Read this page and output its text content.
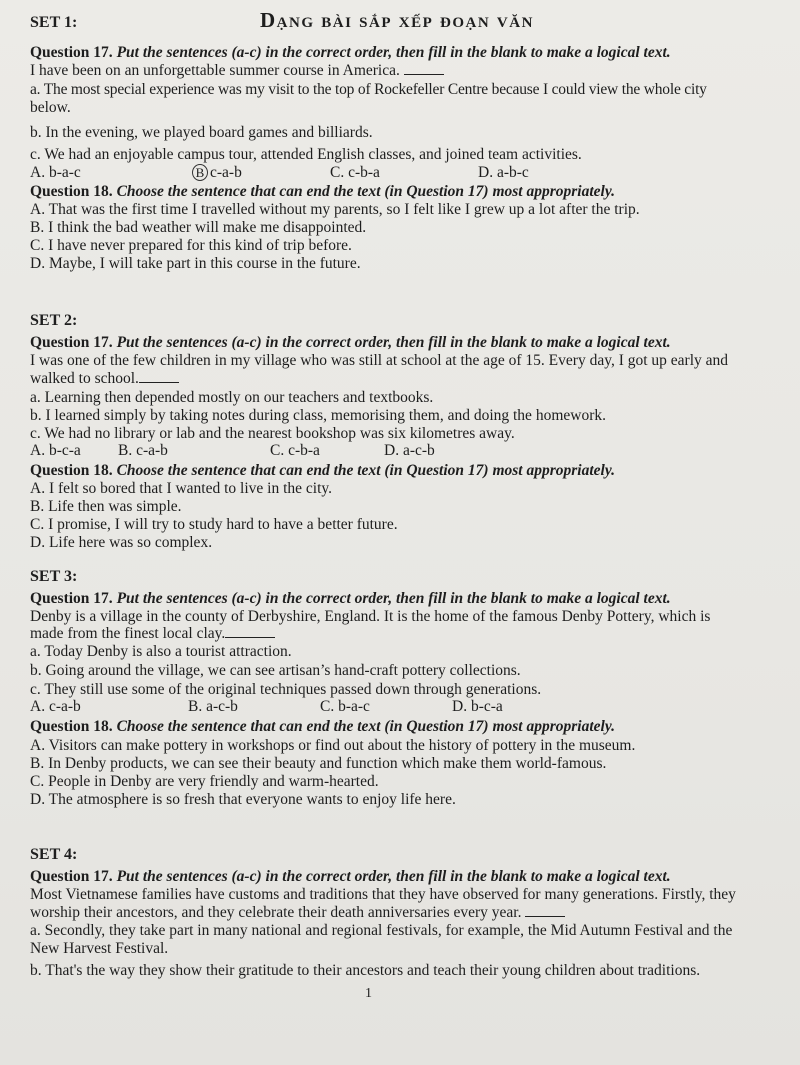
SET 1:	Dạng bài sắp xếp đoạn văn
Question 17. Put the sentences (a-c) in the correct order, then fill in the blank to make a logical text.
I have been on an unforgettable summer course in America.
a. The most special experience was my visit to the top of Rockefeller Centre because I could view the whole city
below.
b. In the evening, we played board games and billiards.
c. We had an enjoyable campus tour, attended English classes, and joined team activities.
A. b-a-c	B c-a-b	C. c-b-a	D. a-b-c
Question 18. Choose the sentence that can end the text (in Question 17) most appropriately.
A. That was the first time I travelled without my parents, so I felt like I grew up a lot after the trip.
B. I think the bad weather will make me disappointed.
C. I have never prepared for this kind of trip before.
D. Maybe, I will take part in this course in the future.
SET 2:
Question 17. Put the sentences (a-c) in the correct order, then fill in the blank to make a logical text.
I was one of the few children in my village who was still at school at the age of 15. Every day, I got up early and
walked to school.
a. Learning then depended mostly on our teachers and textbooks.
b. I learned simply by taking notes during class, memorising them, and doing the homework.
c. We had no library or lab and the nearest bookshop was six kilometres away.
A. b-c-a B. c-a-b	C. c-b-a	D. a-c-b
Question 18. Choose the sentence that can end the text (in Question 17) most appropriately.
A. I felt so bored that I wanted to live in the city.
B. Life then was simple.
C. I promise, I will try to study hard to have a better future.
D. Life here was so complex.
SET 3:
Question 17. Put the sentences (a-c) in the correct order, then fill in the blank to make a logical text.
Denby is a village in the county of Derbyshire, England. It is the home of the famous Denby Pottery, which is
made from the finest local clay.
a. Today Denby is also a tourist attraction.
b. Going around the village, we can see artisan’s hand-craft pottery collections.
c. They still use some of the original techniques passed down through generations.
A. c-a-b	B. a-c-b	C. b-a-c	D. b-c-a
Question 18. Choose the sentence that can end the text (in Question 17) most appropriately.
A. Visitors can make pottery in workshops or find out about the history of pottery in the museum.
B. In Denby products, we can see their beauty and function which make them world-famous.
C. People in Denby are very friendly and warm-hearted.
D. The atmosphere is so fresh that everyone wants to enjoy life here.
SET 4:
Question 17. Put the sentences (a-c) in the correct order, then fill in the blank to make a logical text.
Most Vietnamese families have customs and traditions that they have observed for many generations. Firstly, they
worship their ancestors, and they celebrate their death anniversaries every year.
a. Secondly, they take part in many national and regional festivals, for example, the Mid Autumn Festival and the
New Harvest Festival.
b. That's the way they show their gratitude to their ancestors and teach their young children about traditions.
1
